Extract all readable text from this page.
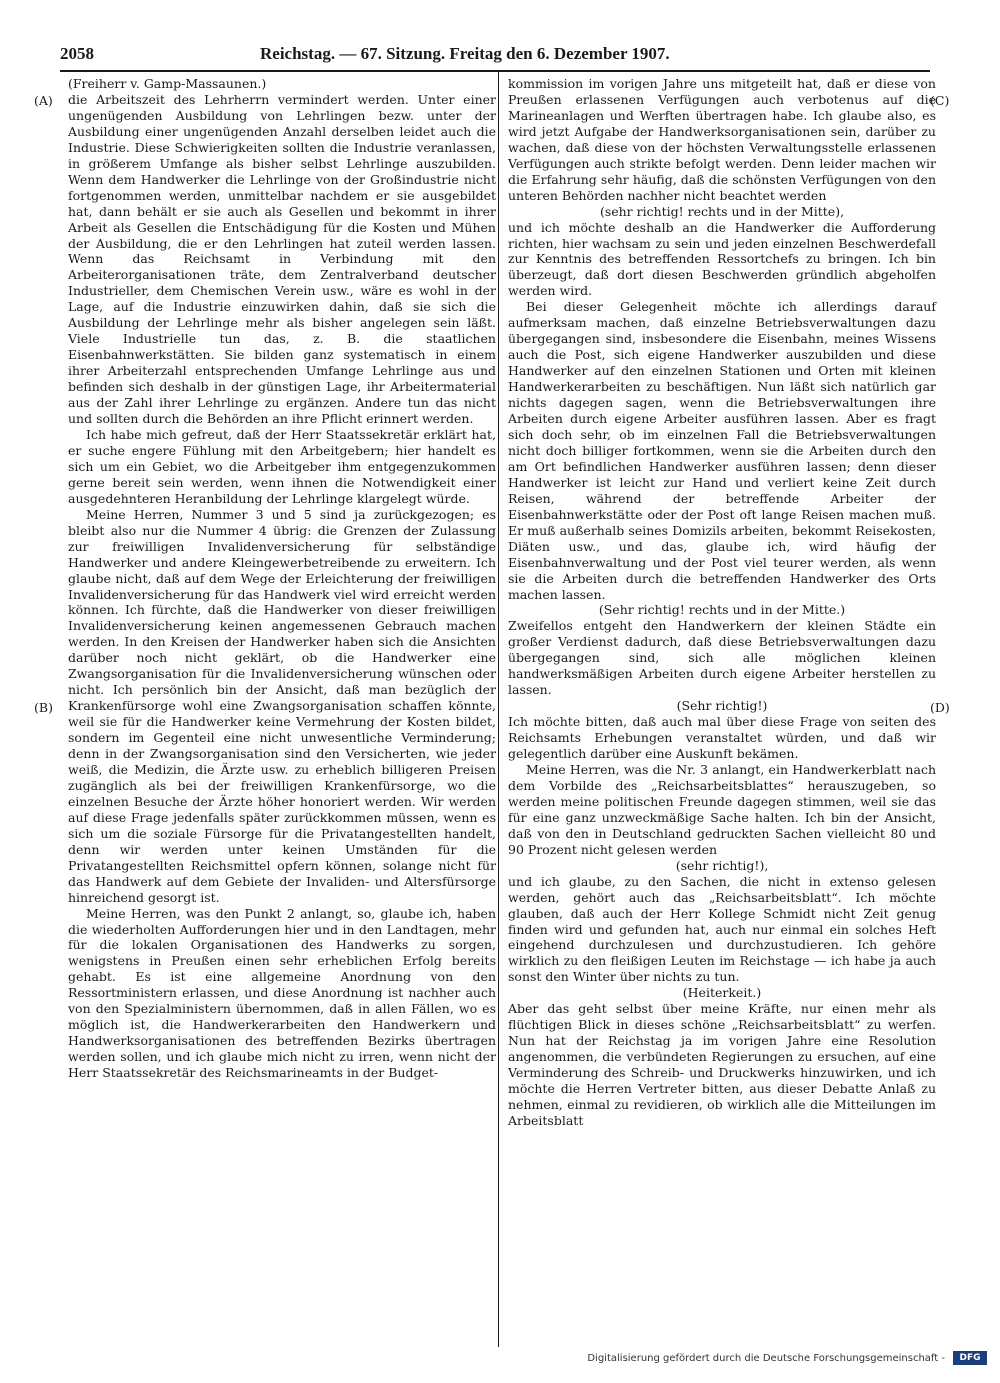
2058	Reichstag. — 67. Sitzung. Freitag den 6. Dezember 1907.
(A)
(B)
(C)
(D)
(Freiherr v. Gamp-Massaunen.)

die Arbeitszeit des Lehrherrn vermindert werden. Unter einer ungenügenden Ausbildung von Lehrlingen bezw. unter der Ausbildung einer ungenügenden Anzahl derselben leidet auch die Industrie. Diese Schwierigkeiten sollten die Industrie veranlassen, in größerem Umfange als bisher selbst Lehrlinge auszubilden. Wenn dem Handwerker die Lehrlinge von der Großindustrie nicht fortgenommen werden, unmittelbar nachdem er sie ausgebildet hat, dann behält er sie auch als Gesellen und bekommt in ihrer Arbeit als Gesellen die Entschädigung für die Kosten und Mühen der Ausbildung, die er den Lehrlingen hat zuteil werden lassen. Wenn das Reichsamt in Verbindung mit den Arbeiterorganisationen träte, dem Zentralverband deutscher Industrieller, dem Chemischen Verein usw., wäre es wohl in der Lage, auf die Industrie einzuwirken dahin, daß sie sich die Ausbildung der Lehrlinge mehr als bisher angelegen sein läßt. Viele Industrielle tun das, z. B. die staatlichen Eisenbahnwerkstätten. Sie bilden ganz systematisch in einem ihrer Arbeiterzahl entsprechenden Umfange Lehrlinge aus und befinden sich deshalb in der günstigen Lage, ihr Arbeitermaterial aus der Zahl ihrer Lehrlinge zu ergänzen. Andere tun das nicht und sollten durch die Behörden an ihre Pflicht erinnert werden.

Ich habe mich gefreut, daß der Herr Staatssekretär erklärt hat, er suche engere Fühlung mit den Arbeitgebern; hier handelt es sich um ein Gebiet, wo die Arbeitgeber ihm entgegenzukommen gerne bereit sein werden, wenn ihnen die Notwendigkeit einer ausgedehnteren Heranbildung der Lehrlinge klargelegt würde.

Meine Herren, Nummer 3 und 5 sind ja zurückgezogen; es bleibt also nur die Nummer 4 übrig: die Grenzen der Zulassung zur freiwilligen Invalidenversicherung für selbständige Handwerker und andere Kleingewerbetreibende zu erweitern. Ich glaube nicht, daß auf dem Wege der Erleichterung der freiwilligen Invalidenversicherung für das Handwerk viel wird erreicht werden können. Ich fürchte, daß die Handwerker von dieser freiwilligen Invalidenversicherung keinen angemessenen Gebrauch machen werden. In den Kreisen der Handwerker haben sich die Ansichten darüber noch nicht geklärt, ob die Handwerker eine Zwangsorganisation für die Invalidenversicherung wünschen oder nicht. Ich persönlich bin der Ansicht, daß man bezüglich der Krankenfürsorge wohl eine Zwangsorganisation schaffen könnte, weil sie für die Handwerker keine Vermehrung der Kosten bildet, sondern im Gegenteil eine nicht unwesentliche Verminderung; denn in der Zwangsorganisation sind den Versicherten, wie jeder weiß, die Medizin, die Ärzte usw. zu erheblich billigeren Preisen zugänglich als bei der freiwilligen Krankenfürsorge, wo die einzelnen Besuche der Ärzte höher honoriert werden. Wir werden auf diese Frage jedenfalls später zurückkommen müssen, wenn es sich um die soziale Fürsorge für die Privatangestellten handelt, denn wir werden unter keinen Umständen für die Privatangestellten Reichsmittel opfern können, solange nicht für das Handwerk auf dem Gebiete der Invaliden- und Altersfürsorge hinreichend gesorgt ist.

Meine Herren, was den Punkt 2 anlangt, so, glaube ich, haben die wiederholten Aufforderungen hier und in den Landtagen, mehr für die lokalen Organisationen des Handwerks zu sorgen, wenigstens in Preußen einen sehr erheblichen Erfolg bereits gehabt. Es ist eine allgemeine Anordnung von den Ressortministern erlassen, und diese Anordnung ist nachher auch von den Spezialministern übernommen, daß in allen Fällen, wo es möglich ist, die Handwerkerarbeiten den Handwerkern und Handwerksorganisationen des betreffenden Bezirks übertragen werden sollen, und ich glaube mich nicht zu irren, wenn nicht der Herr Staatssekretär des Reichsmarineamts in der Budget-

kommission im vorigen Jahre uns mitgeteilt hat, daß er diese von Preußen erlassenen Verfügungen auch verbotenus auf die Marineanlagen und Werften übertragen habe. Ich glaube also, es wird jetzt Aufgabe der Handwerksorganisationen sein, darüber zu wachen, daß diese von der höchsten Verwaltungsstelle erlassenen Verfügungen auch strikte befolgt werden. Denn leider machen wir die Erfahrung sehr häufig, daß die schönsten Verfügungen von den unteren Behörden nachher nicht beachtet werden

(sehr richtig! rechts und in der Mitte),

und ich möchte deshalb an die Handwerker die Aufforderung richten, hier wachsam zu sein und jeden einzelnen Beschwerdefall zur Kenntnis des betreffenden Ressortchefs zu bringen. Ich bin überzeugt, daß dort diesen Beschwerden gründlich abgeholfen werden wird.

Bei dieser Gelegenheit möchte ich allerdings darauf aufmerksam machen, daß einzelne Betriebsverwaltungen dazu übergegangen sind, insbesondere die Eisenbahn, meines Wissens auch die Post, sich eigene Handwerker auszubilden und diese Handwerker auf den einzelnen Stationen und Orten mit kleinen Handwerkerarbeiten zu beschäftigen. Nun läßt sich natürlich gar nichts dagegen sagen, wenn die Betriebsverwaltungen ihre Arbeiten durch eigene Arbeiter ausführen lassen. Aber es fragt sich doch sehr, ob im einzelnen Fall die Betriebsverwaltungen nicht doch billiger fortkommen, wenn sie die Arbeiten durch den am Ort befindlichen Handwerker ausführen lassen; denn dieser Handwerker ist leicht zur Hand und verliert keine Zeit durch Reisen, während der betreffende Arbeiter der Eisenbahnwerkstätte oder der Post oft lange Reisen machen muß. Er muß außerhalb seines Domizils arbeiten, bekommt Reisekosten, Diäten usw., und das, glaube ich, wird häufig der Eisenbahnverwaltung und der Post viel teurer werden, als wenn sie die Arbeiten durch die betreffenden Handwerker des Orts machen lassen.

(Sehr richtig! rechts und in der Mitte.)

Zweifellos entgeht den Handwerkern der kleinen Städte ein großer Verdienst dadurch, daß diese Betriebsverwaltungen dazu übergegangen sind, sich alle möglichen kleinen handwerksmäßigen Arbeiten durch eigene Arbeiter herstellen zu lassen.

(Sehr richtig!)

Ich möchte bitten, daß auch mal über diese Frage von seiten des Reichsamts Erhebungen veranstaltet würden, und daß wir gelegentlich darüber eine Auskunft bekämen.

Meine Herren, was die Nr. 3 anlangt, ein Handwerkerblatt nach dem Vorbilde des „Reichsarbeitsblattes“ herauszugeben, so werden meine politischen Freunde dagegen stimmen, weil sie das für eine ganz unzweckmäßige Sache halten. Ich bin der Ansicht, daß von den in Deutschland gedruckten Sachen vielleicht 80 und 90 Prozent nicht gelesen werden

(sehr richtig!),

und ich glaube, zu den Sachen, die nicht in extenso gelesen werden, gehört auch das „Reichsarbeitsblatt“. Ich möchte glauben, daß auch der Herr Kollege Schmidt nicht Zeit genug finden wird und gefunden hat, auch nur einmal ein solches Heft eingehend durchzulesen und durchzustudieren. Ich gehöre wirklich zu den fleißigen Leuten im Reichstage — ich habe ja auch sonst den Winter über nichts zu tun.

(Heiterkeit.)

Aber das geht selbst über meine Kräfte, nur einen mehr als flüchtigen Blick in dieses schöne „Reichsarbeitsblatt“ zu werfen. Nun hat der Reichstag ja im vorigen Jahre eine Resolution angenommen, die verbündeten Regierungen zu ersuchen, auf eine Verminderung des Schreib- und Druckwerks hinzuwirken, und ich möchte die Herren Vertreter bitten, aus dieser Debatte Anlaß zu nehmen, einmal zu revidieren, ob wirklich alle die Mitteilungen im Arbeitsblatt

Digitalisierung gefördert durch die Deutsche Forschungsgemeinschaft -	DFG
